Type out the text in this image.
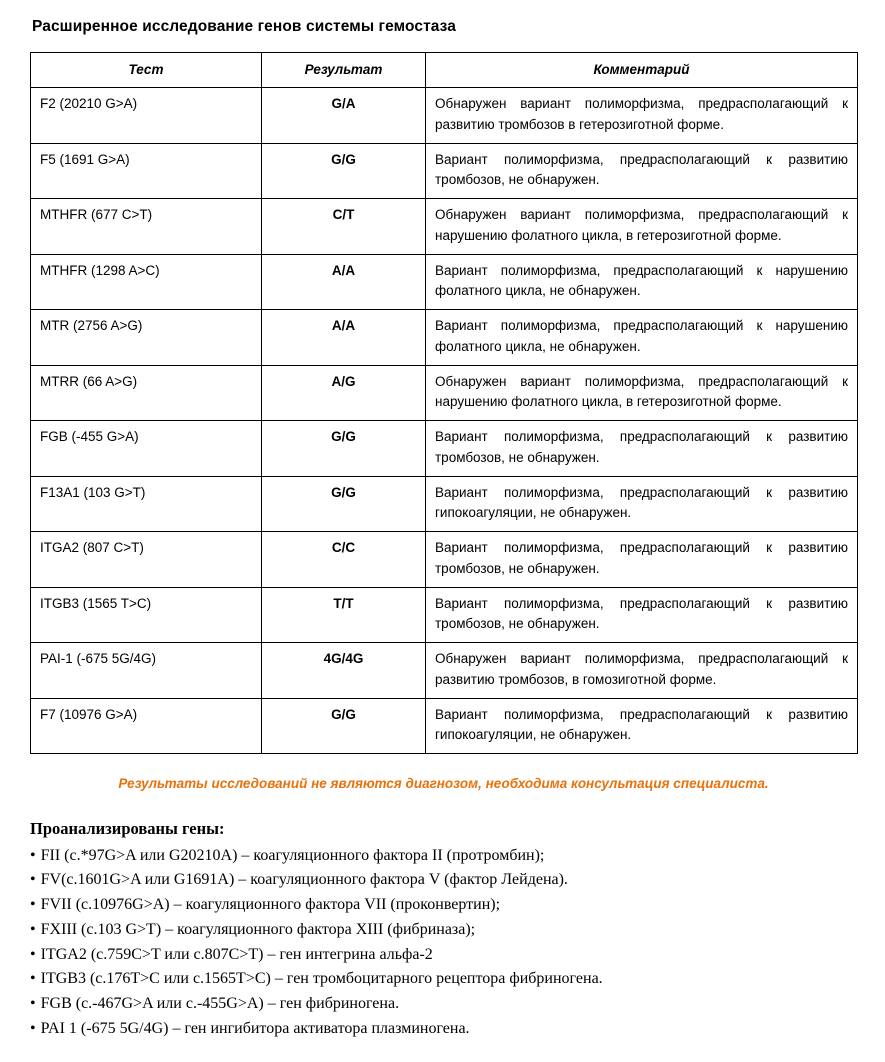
Расширенное исследование генов системы гемостаза
Тест	Результат	Комментарий
F2 (20210 G>A)	G/A	Обнаружен вариант полиморфизма, предрасполагающий к развитию тромбозов в гетерозиготной форме.
F5 (1691 G>A)	G/G	Вариант полиморфизма, предрасполагающий к развитию тромбозов, не обнаружен.
MTHFR (677 C>T)	C/T	Обнаружен вариант полиморфизма, предрасполагающий к нарушению фолатного цикла, в гетерозиготной форме.
MTHFR (1298 A>C)	A/A	Вариант полиморфизма, предрасполагающий к нарушению фолатного цикла, не обнаружен.
MTR (2756 A>G)	A/A	Вариант полиморфизма, предрасполагающий к нарушению фолатного цикла, не обнаружен.
MTRR (66 A>G)	A/G	Обнаружен вариант полиморфизма, предрасполагающий к нарушению фолатного цикла, в гетерозиготной форме.
FGB (-455 G>A)	G/G	Вариант полиморфизма, предрасполагающий к развитию тромбозов, не обнаружен.
F13A1 (103 G>T)	G/G	Вариант полиморфизма, предрасполагающий к развитию гипокоагуляции, не обнаружен.
ITGA2 (807 C>T)	C/C	Вариант полиморфизма, предрасполагающий к развитию тромбозов, не обнаружен.
ITGB3 (1565 T>C)	T/T	Вариант полиморфизма, предрасполагающий к развитию тромбозов, не обнаружен.
PAI-1 (-675 5G/4G)	4G/4G	Обнаружен вариант полиморфизма, предрасполагающий к развитию тромбозов, в гомозиготной форме.
F7 (10976 G>A)	G/G	Вариант полиморфизма, предрасполагающий к развитию гипокоагуляции, не обнаружен.
Результаты исследований не являются диагнозом, необходима консультация специалиста.
Проанализированы гены:
• FII (c.*97G>A или G20210A) – коагуляционного фактора II (протромбин);
• FV(c.1601G>A или G1691A) – коагуляционного фактора V (фактор Лейдена).
• FVII (c.10976G>A) – коагуляционного фактора VII (проконвертин);
• FXIII (c.103 G>T) – коагуляционного фактора XIII (фибриназа);
• ITGA2 (c.759C>T или c.807C>T) – ген интегрина альфа-2
• ITGB3 (c.176T>C или c.1565T>C) – ген тромбоцитарного рецептора фибриногена.
• FGB (c.-467G>A или c.-455G>A) – ген фибриногена.
• PAI 1 (-675 5G/4G) – ген ингибитора активатора плазминогена.
